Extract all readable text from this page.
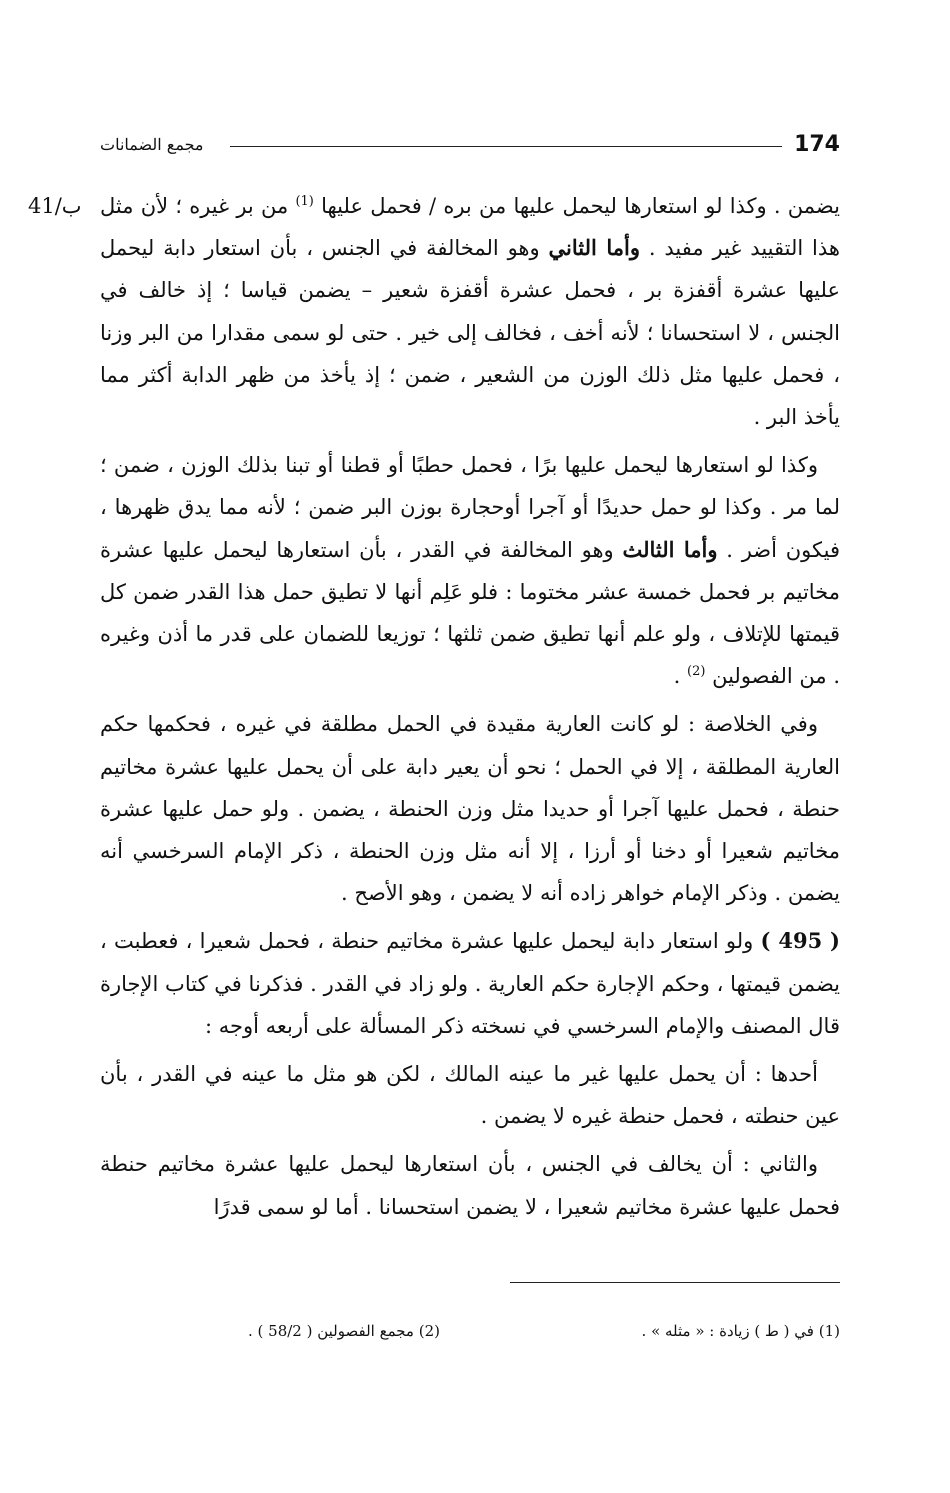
174
مجمع الضمانات
41/ب	يضمن . وكذا لو استعارها ليحمل عليها من بره / فحمل عليها $^{(1)}$ من بر غيره ؛ لأن مثل هذا التقييد غير مفيد . وأما الثاني وهو المخالفة في الجنس ، بأن استعار دابة ليحمل عليها عشرة أقفزة بر ، فحمل عشرة أقفزة شعير – يضمن قياسا ؛ إذ خالف في الجنس ، لا استحسانا ؛ لأنه أخف ، فخالف إلى خير . حتى لو سمى مقدارا من البر وزنا ، فحمل عليها مثل ذلك الوزن من الشعير ، ضمن ؛ إذ يأخذ من ظهر الدابة أكثر مما يأخذ البر .

وكذا لو استعارها ليحمل عليها برًا ، فحمل حطبًا أو قطنا أو تبنا بذلك الوزن ، ضمن ؛ لما مر . وكذا لو حمل حديدًا أو آجرا أوحجارة بوزن البر ضمن ؛ لأنه مما يدق ظهرها ، فيكون أضر . وأما الثالث وهو المخالفة في القدر ، بأن استعارها ليحمل عليها عشرة مخاتيم بر فحمل خمسة عشر مختوما : فلو عَلِم أنها لا تطيق حمل هذا القدر ضمن كل قيمتها للإتلاف ، ولو علم أنها تطيق ضمن ثلثها ؛ توزيعا للضمان على قدر ما أذن وغيره . من الفصولين $^{(2)}$ .

وفي الخلاصة : لو كانت العارية مقيدة في الحمل مطلقة في غيره ، فحكمها حكم العارية المطلقة ، إلا في الحمل ؛ نحو أن يعير دابة على أن يحمل عليها عشرة مخاتيم حنطة ، فحمل عليها آجرا أو حديدا مثل وزن الحنطة ، يضمن . ولو حمل عليها عشرة مخاتيم شعيرا أو دخنا أو أرزا ، إلا أنه مثل وزن الحنطة ، ذكر الإمام السرخسي أنه يضمن . وذكر الإمام خواهر زاده أنه لا يضمن ، وهو الأصح .

( 495 ) ولو استعار دابة ليحمل عليها عشرة مخاتيم حنطة ، فحمل شعيرا ، فعطبت ، يضمن قيمتها ، وحكم الإجارة حكم العارية . ولو زاد في القدر . فذكرنا في كتاب الإجارة قال المصنف والإمام السرخسي في نسخته ذكر المسألة على أربعه أوجه :

أحدها : أن يحمل عليها غير ما عينه المالك ، لكن هو مثل ما عينه في القدر ، بأن عين حنطته ، فحمل حنطة غيره لا يضمن .

والثاني : أن يخالف في الجنس ، بأن استعارها ليحمل عليها عشرة مخاتيم حنطة فحمل عليها عشرة مخاتيم شعيرا ، لا يضمن استحسانا . أما لو سمى قدرًا

(1) في ( ط ) زيادة : « مثله » .
(2) مجمع الفصولين ( 58/2 ) .
